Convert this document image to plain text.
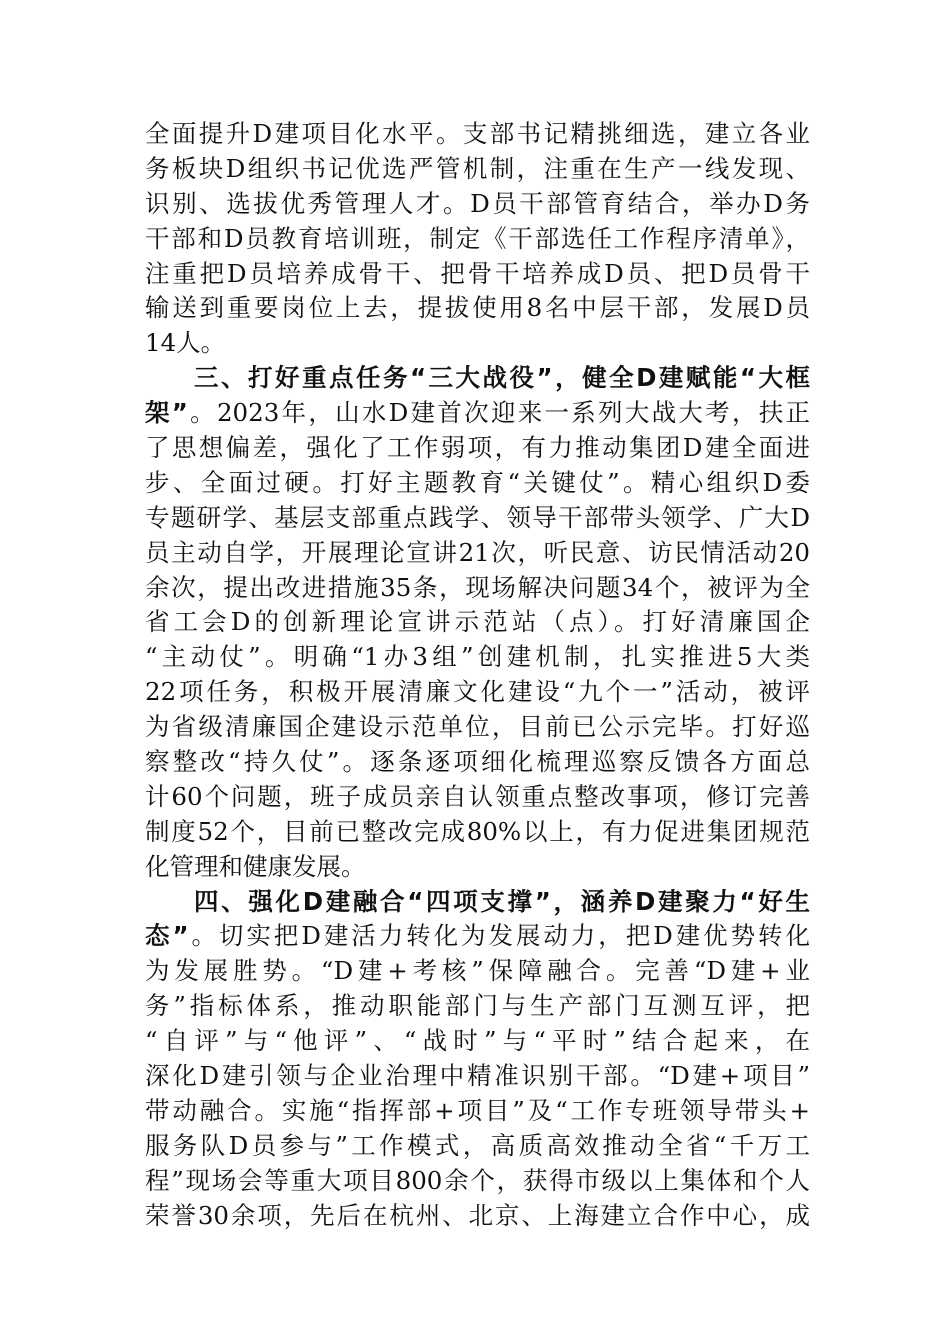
全面提升D建项目化水平。支部书记精挑细选，建立各业
务板块D组织书记优选严管机制，注重在生产一线发现、
识别、选拔优秀管理人才。D员干部管育结合，举办D务
干部和D员教育培训班，制定《干部选任工作程序清单》，
注重把D员培养成骨干、把骨干培养成D员、把D员骨干
输送到重要岗位上去，提拔使用8名中层干部，发展D员
14人。
三、打好重点任务“三大战役”，健全D建赋能“大框
架”。2023年，山水D建首次迎来一系列大战大考，扶正
了思想偏差，强化了工作弱项，有力推动集团D建全面进
步、全面过硬。打好主题教育“关键仗”。精心组织D委
专题研学、基层支部重点践学、领导干部带头领学、广大D
员主动自学，开展理论宣讲21次，听民意、访民情活动20
余次，提出改进措施35条，现场解决问题34个，被评为全
省工会D的创新理论宣讲示范站（点）。打好清廉国企
“主动仗”。明确“1办3组”创建机制，扎实推进5大类
22项任务，积极开展清廉文化建设“九个一”活动，被评
为省级清廉国企建设示范单位，目前已公示完毕。打好巡
察整改“持久仗”。逐条逐项细化梳理巡察反馈各方面总
计60个问题，班子成员亲自认领重点整改事项，修订完善
制度52个，目前已整改完成80%以上，有力促进集团规范
化管理和健康发展。
四、强化D建融合“四项支撑”，涵养D建聚力“好生
态”。切实把D建活力转化为发展动力，把D建优势转化
为发展胜势。“D建+考核”保障融合。完善“D建+业
务”指标体系，推动职能部门与生产部门互测互评，把
“自评”与“他评”、“战时”与“平时”结合起来，在
深化D建引领与企业治理中精准识别干部。“D建+项目”
带动融合。实施“指挥部+项目”及“工作专班领导带头+
服务队D员参与”工作模式，高质高效推动全省“千万工
程”现场会等重大项目800余个，获得市级以上集体和个人
荣誉30余项，先后在杭州、北京、上海建立合作中心，成
